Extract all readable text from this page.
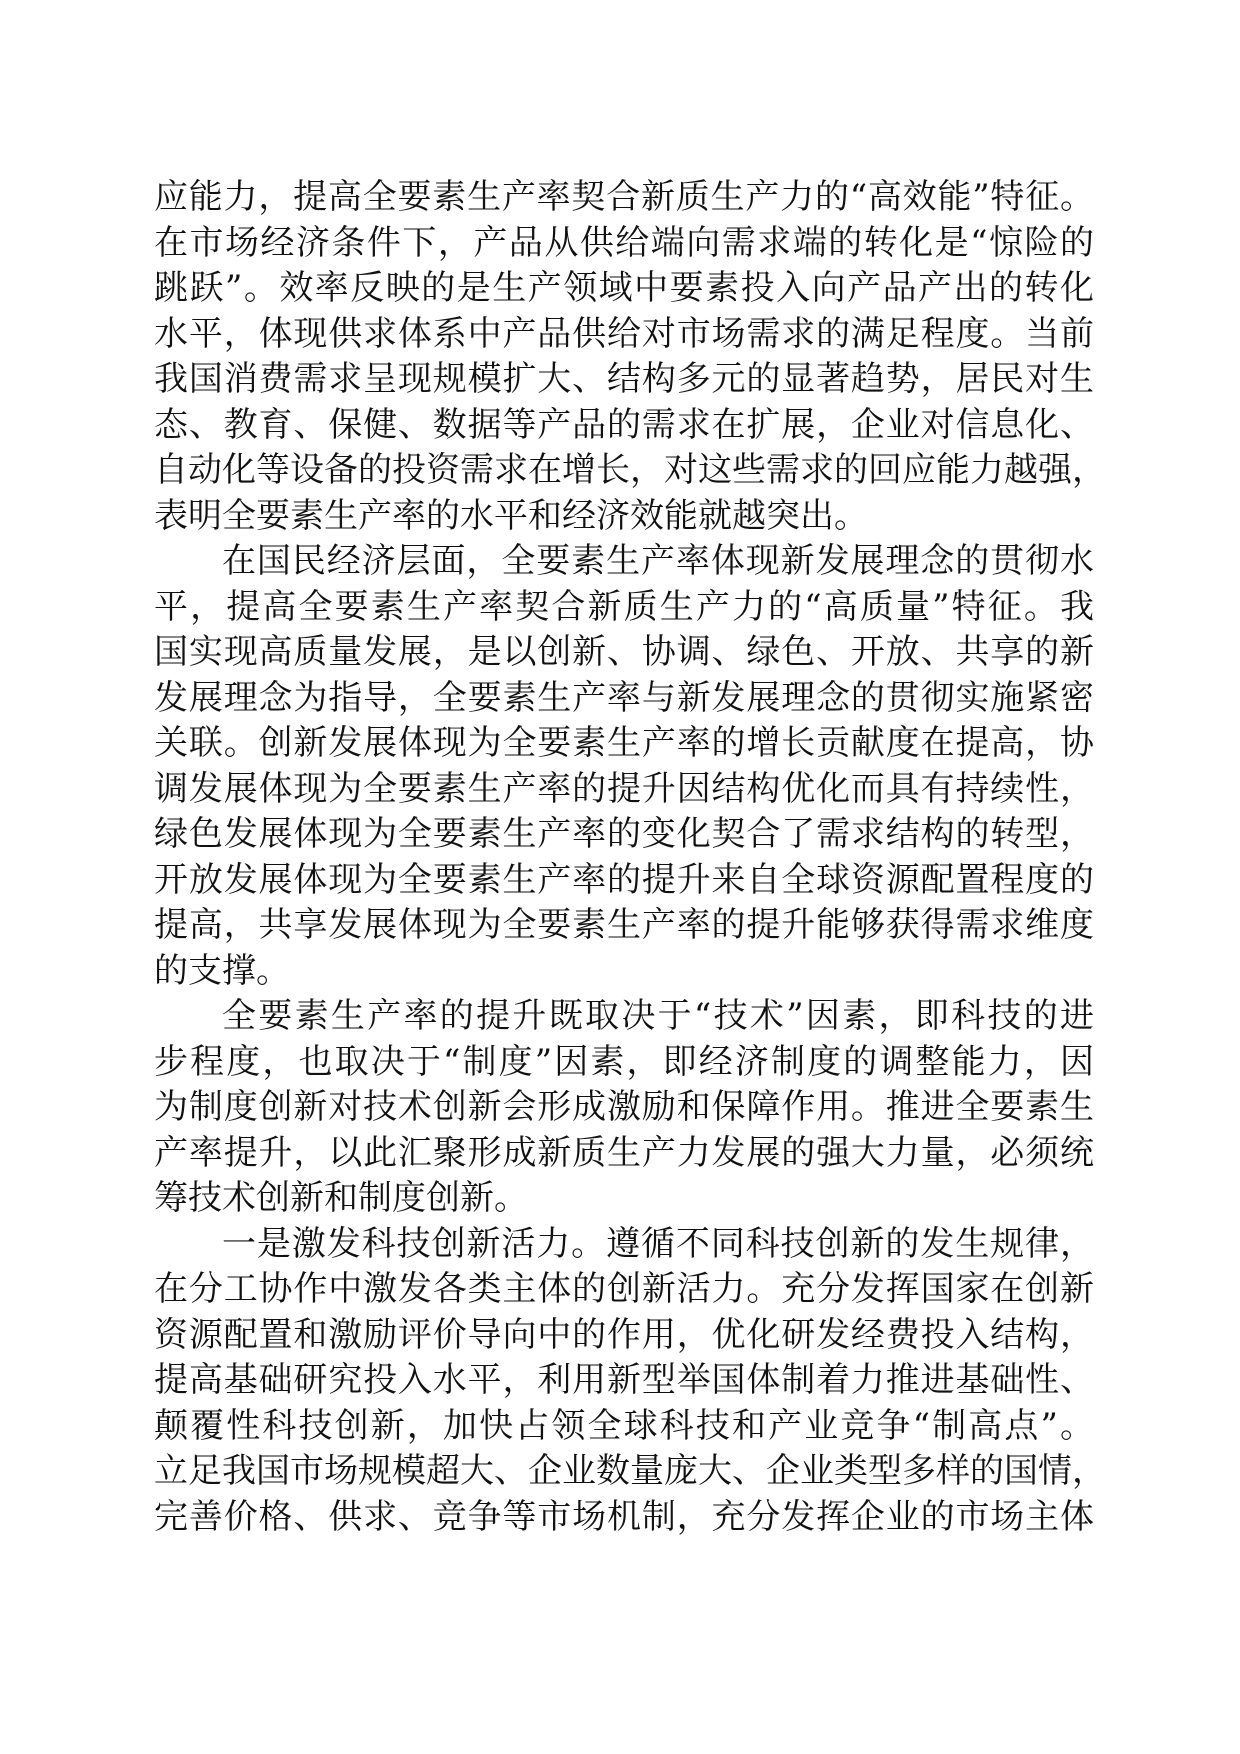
应能力，提高全要素生产率契合新质生产力的“高效能”特征。
在市场经济条件下，产品从供给端向需求端的转化是“惊险的
跳跃”。效率反映的是生产领域中要素投入向产品产出的转化
水平，体现供求体系中产品供给对市场需求的满足程度。当前
我国消费需求呈现规模扩大、结构多元的显著趋势，居民对生
态、教育、保健、数据等产品的需求在扩展，企业对信息化、
自动化等设备的投资需求在增长，对这些需求的回应能力越强，
表明全要素生产率的水平和经济效能就越突出。
在国民经济层面，全要素生产率体现新发展理念的贯彻水
平，提高全要素生产率契合新质生产力的“高质量”特征。我
国实现高质量发展，是以创新、协调、绿色、开放、共享的新
发展理念为指导，全要素生产率与新发展理念的贯彻实施紧密
关联。创新发展体现为全要素生产率的增长贡献度在提高，协
调发展体现为全要素生产率的提升因结构优化而具有持续性，
绿色发展体现为全要素生产率的变化契合了需求结构的转型，
开放发展体现为全要素生产率的提升来自全球资源配置程度的
提高，共享发展体现为全要素生产率的提升能够获得需求维度
的支撑。
全要素生产率的提升既取决于“技术”因素，即科技的进
步程度，也取决于“制度”因素，即经济制度的调整能力，因
为制度创新对技术创新会形成激励和保障作用。推进全要素生
产率提升，以此汇聚形成新质生产力发展的强大力量，必须统
筹技术创新和制度创新。
一是激发科技创新活力。遵循不同科技创新的发生规律，
在分工协作中激发各类主体的创新活力。充分发挥国家在创新
资源配置和激励评价导向中的作用，优化研发经费投入结构，
提高基础研究投入水平，利用新型举国体制着力推进基础性、
颠覆性科技创新，加快占领全球科技和产业竞争“制高点”。
立足我国市场规模超大、企业数量庞大、企业类型多样的国情，
完善价格、供求、竞争等市场机制，充分发挥企业的市场主体
